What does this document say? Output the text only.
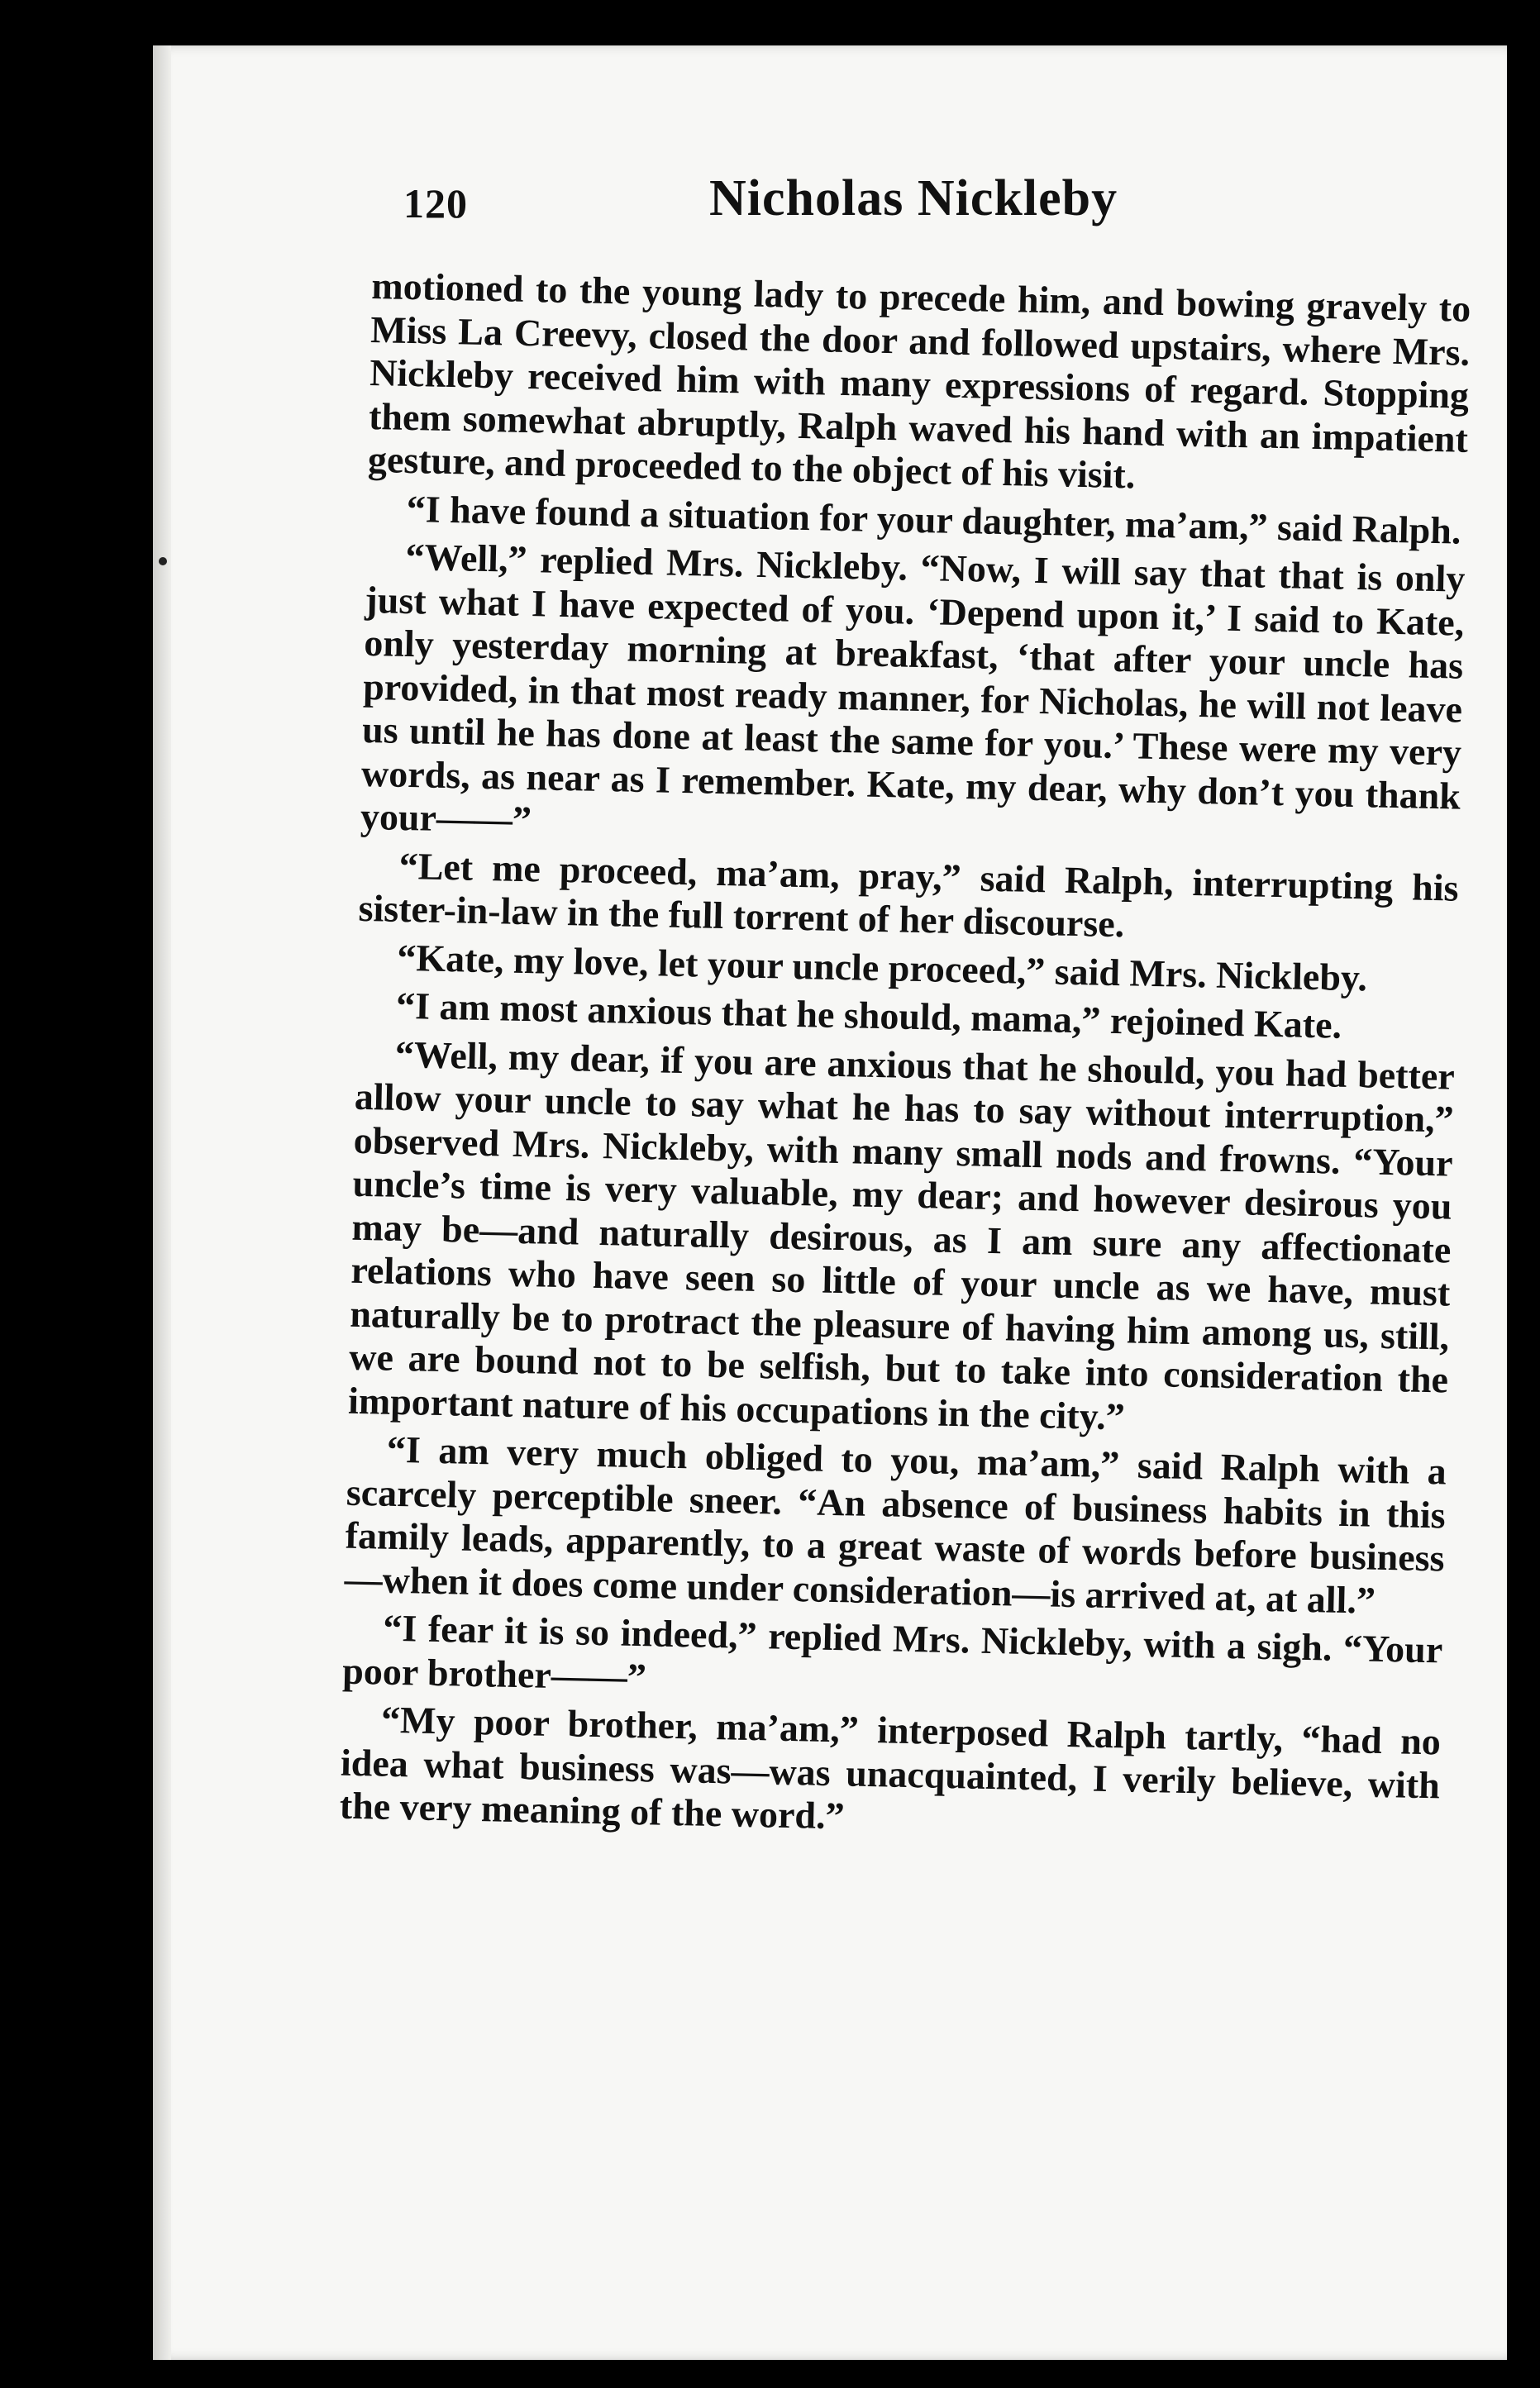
120	Nicholas Nickleby

motioned to the young lady to precede him, and bowing gravely to Miss La Creevy, closed the door and followed upstairs, where Mrs. Nickleby received him with many expressions of regard. Stopping them somewhat abruptly, Ralph waved his hand with an impatient gesture, and proceeded to the object of his visit.

“I have found a situation for your daughter, ma’am,” said Ralph.

“Well,” replied Mrs. Nickleby. “Now, I will say that that is only just what I have expected of you. ‘Depend upon it,’ I said to Kate, only yesterday morning at breakfast, ‘that after your uncle has provided, in that most ready manner, for Nicholas, he will not leave us until he has done at least the same for you.’ These were my very words, as near as I remember. Kate, my dear, why don’t you thank your——”

“Let me proceed, ma’am, pray,” said Ralph, interrupting his sister-in-law in the full torrent of her discourse.

“Kate, my love, let your uncle proceed,” said Mrs. Nickleby.

“I am most anxious that he should, mama,” rejoined Kate.

“Well, my dear, if you are anxious that he should, you had better allow your uncle to say what he has to say without interruption,” observed Mrs. Nickleby, with many small nods and frowns. “Your uncle’s time is very valuable, my dear; and however desirous you may be—and naturally desirous, as I am sure any affectionate relations who have seen so little of your uncle as we have, must naturally be to protract the pleasure of having him among us, still, we are bound not to be selfish, but to take into consideration the important nature of his occupations in the city.”

“I am very much obliged to you, ma’am,” said Ralph with a scarcely perceptible sneer. “An absence of business habits in this family leads, apparently, to a great waste of words before business—when it does come under consideration—is arrived at, at all.”

“I fear it is so indeed,” replied Mrs. Nickleby, with a sigh. “Your poor brother——”

“My poor brother, ma’am,” interposed Ralph tartly, “had no idea what business was—was unacquainted, I verily believe, with the very meaning of the word.”
